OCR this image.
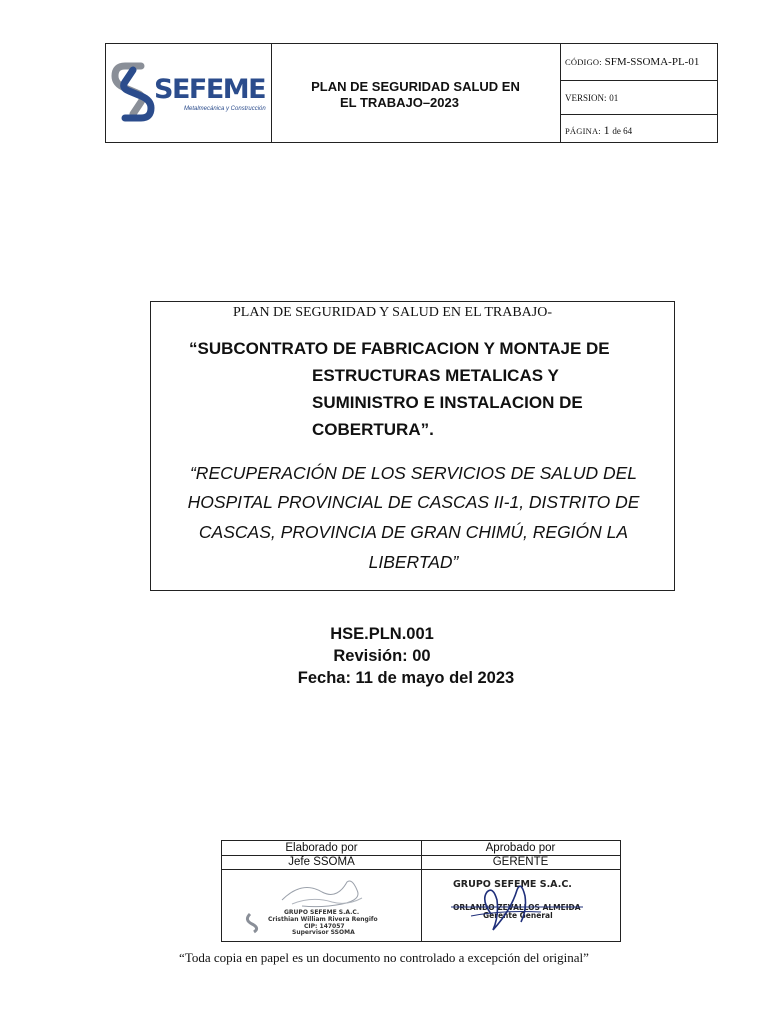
SEFEME
Metalmecánica y Construcción
PLAN DE SEGURIDAD SALUD EN
EL TRABAJO–2023
CÓDIGO: SFM-SSOMA-PL-01
VERSION: 01
PÁGINA: 1 de 64
PLAN DE SEGURIDAD Y SALUD EN EL TRABAJO-
“SUBCONTRATO DE FABRICACION Y MONTAJE DE
ESTRUCTURAS METALICAS Y
SUMINISTRO E INSTALACION DE
COBERTURA”.
“RECUPERACIÓN DE LOS SERVICIOS DE SALUD DEL
HOSPITAL PROVINCIAL DE CASCAS II-1, DISTRITO DE
CASCAS, PROVINCIA DE GRAN CHIMÚ, REGIÓN LA
LIBERTAD”
HSE.PLN.001
Revisión: 00
Fecha: 11 de mayo del 2023
Elaborado por
Jefe SSOMA
GRUPO SEFEME S.A.C.
Cristhian William Rivera Rengifo
CIP: 147057
Supervisor SSOMA
Aprobado por
GERENTE
GRUPO SEFEME S.A.C.
ORLANDO ZEVALLOS ALMEIDA
Gerente General
“Toda copia en papel es un documento no controlado a excepción del original”
